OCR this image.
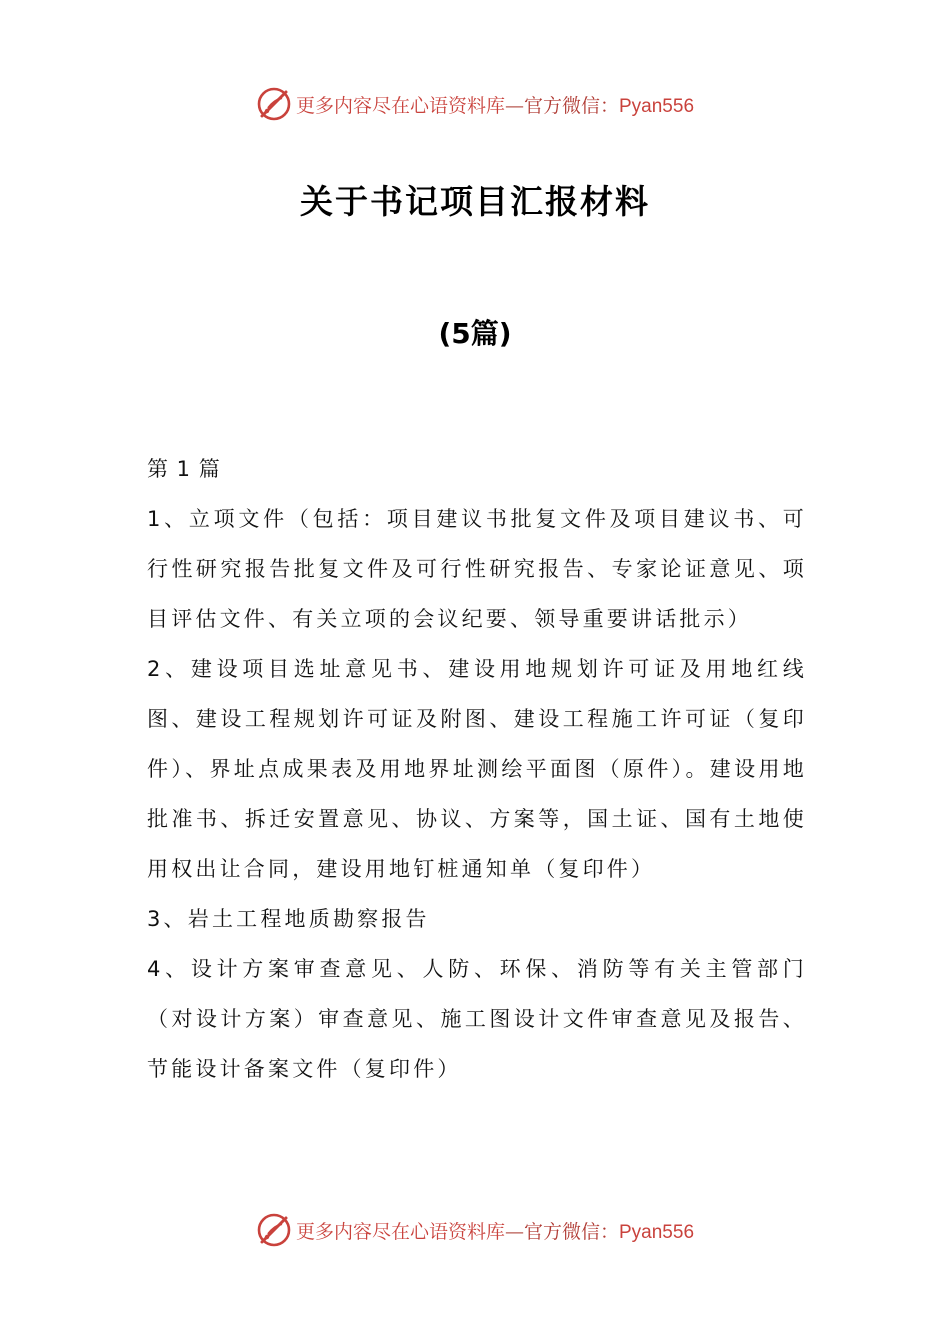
更多内容尽在心语资料库—官方微信：Pyan556
关于书记项目汇报材料
(5篇)

第 1 篇

1、立项文件（包括：项目建议书批复文件及项目建议书、可行性研究报告批复文件及可行性研究报告、专家论证意见、项目评估文件、有关立项的会议纪要、领导重要讲话批示）

2、建设项目选址意见书、建设用地规划许可证及用地红线图、建设工程规划许可证及附图、建设工程施工许可证（复印件）、界址点成果表及用地界址测绘平面图（原件）。建设用地批准书、拆迁安置意见、协议、方案等，国土证、国有土地使用权出让合同，建设用地钉桩通知单（复印件）

3、岩土工程地质勘察报告

4、设计方案审查意见、人防、环保、消防等有关主管部门（对设计方案）审查意见、施工图设计文件审查意见及报告、节能设计备案文件（复印件）

更多内容尽在心语资料库—官方微信：Pyan556
